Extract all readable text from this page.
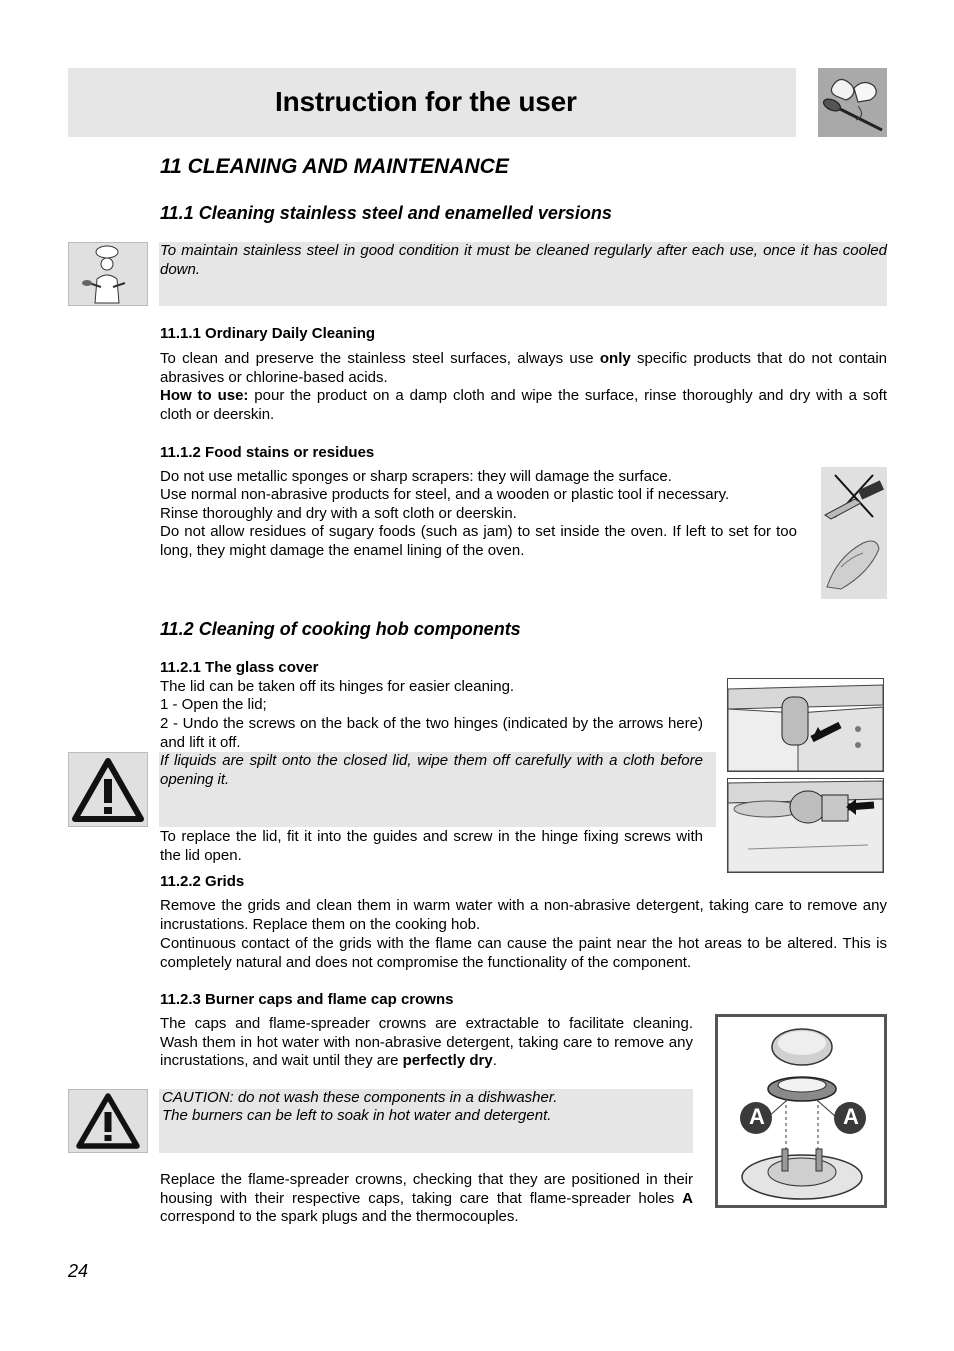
Instruction for the user
11 CLEANING AND MAINTENANCE
11.1 Cleaning stainless steel and enamelled versions
To maintain stainless steel in good condition it must be cleaned regularly after each use, once it has cooled down.
11.1.1 Ordinary Daily Cleaning
To clean and preserve the stainless steel surfaces, always use only specific products that do not contain abrasives or chlorine-based acids.
How to use: pour the product on a damp cloth and wipe the surface, rinse thoroughly and dry with a soft cloth or deerskin.
11.1.2 Food stains or residues
Do not use metallic sponges or sharp scrapers: they will damage the surface.
Use normal non-abrasive products for steel, and a wooden or plastic tool if necessary.
Rinse thoroughly and dry with a soft cloth or deerskin.
Do not allow residues of sugary foods (such as jam) to set inside the oven. If left to set for too long, they might damage the enamel lining of the oven.
11.2 Cleaning of cooking hob components
11.2.1 The glass cover
The lid can be taken off its hinges for easier cleaning.
1 - Open the lid;
2 - Undo the screws on the back of the two hinges (indicated by the arrows here) and lift it off.
If liquids are spilt onto the closed lid, wipe them off carefully with a cloth before opening it.
To replace the lid, fit it into the guides and screw in the hinge fixing screws with the lid open.
11.2.2 Grids
Remove the grids and clean them in warm water with a non-abrasive detergent, taking care to remove any incrustations. Replace them on the cooking hob.
Continuous contact of the grids with the flame can cause the paint near the hot areas to be altered. This is completely natural and does not compromise the functionality of the component.
11.2.3 Burner caps and flame cap crowns
The caps and flame-spreader crowns are extractable to facilitate cleaning. Wash them in hot water with non-abrasive detergent, taking care to remove any incrustations, and wait until they are perfectly dry.
CAUTION: do not wash these components in a dishwasher.
The burners can be left to soak in hot water and detergent.
Replace the flame-spreader crowns, checking that they are positioned in their housing with their respective caps, taking care that flame-spreader holes A correspond to the spark plugs and the thermocouples.
A	A
24
